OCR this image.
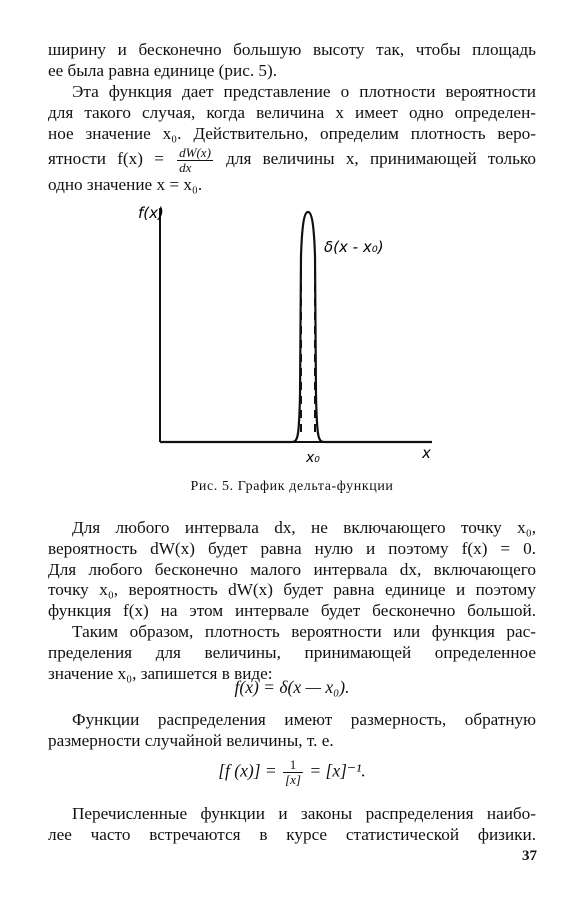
ширину и бесконечно большую высоту так, чтобы площадь
ее была равна единице (рис. 5).
Эта функция дает представление о плотности вероятности
для такого случая, когда величина x имеет одно определен-
ное значение x₀. Действительно, определим плотность веро-
ятности $f(x) = \frac{dW(x)}{dx}$ для величины x, принимающей только
одно значение x = x₀.
f(x)
δ(x - x₀)
x₀	x
Рис. 5. График дельта-функции
Для любого интервала dx, не включающего точку x₀,
вероятность dW(x) будет равна нулю и поэтому f(x) = 0.
Для любого бесконечно малого интервала dx, включающего
точку x₀, вероятность dW(x) будет равна единице и поэтому
функция f(x) на этом интервале будет бесконечно большой.
Таким образом, плотность вероятности или функция рас-
пределения для величины, принимающей определенное
значение x₀, запишется в виде:
f(x) = δ(x — x₀).
Функции распределения имеют размерность, обратную
размерности случайной величины, т. е.
[f $(x)] = \frac{1}{[x]} = [x]^{-1}$.
Перечисленные функции и законы распределения наибо-
лее часто встречаются в курсе статистической физики.
37
